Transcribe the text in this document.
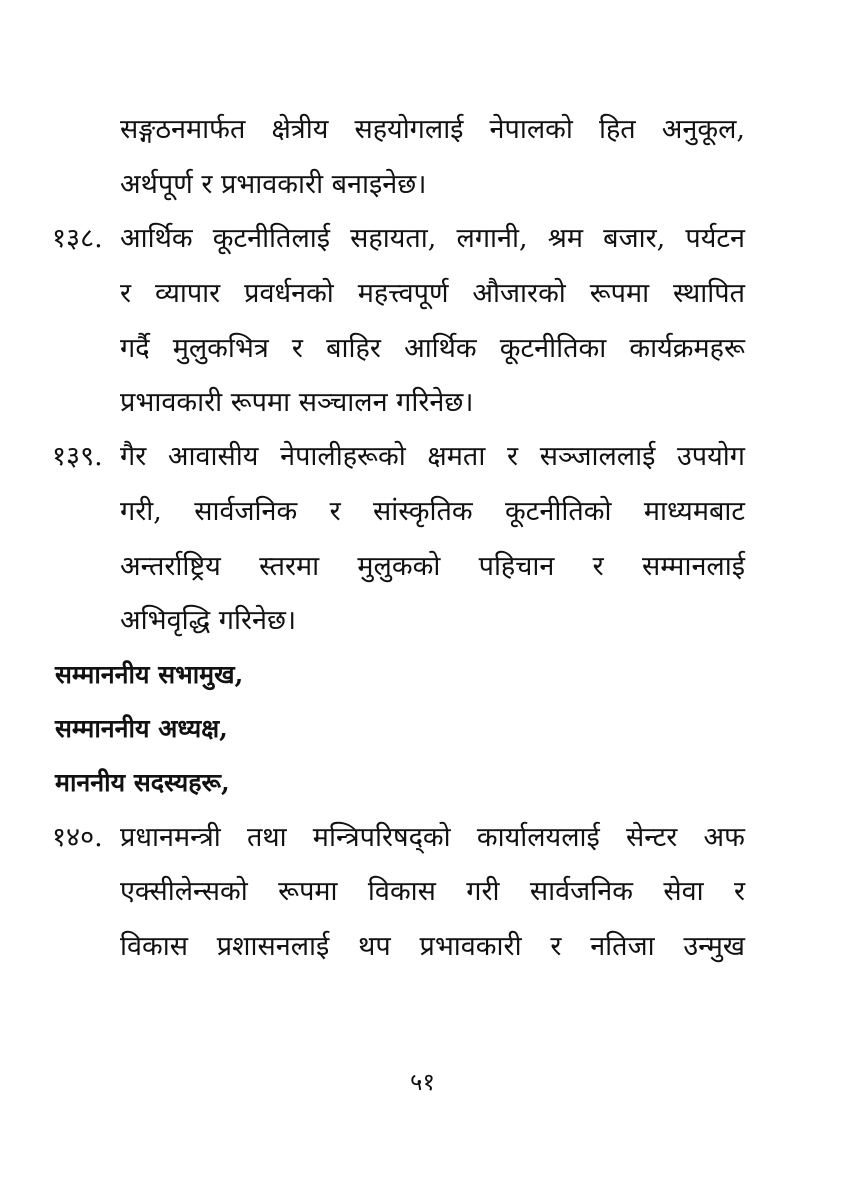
सङ्गठनमार्फत क्षेत्रीय सहयोगलाई नेपालको हित अनुकूल,
अर्थपूर्ण र प्रभावकारी बनाइनेछ।
१३८. आर्थिक कूटनीतिलाई सहायता, लगानी, श्रम बजार, पर्यटन
र व्यापार प्रवर्धनको महत्त्वपूर्ण औजारको रूपमा स्थापित
गर्दै मुलुकभित्र र बाहिर आर्थिक कूटनीतिका कार्यक्रमहरू
प्रभावकारी रूपमा सञ्चालन गरिनेछ।
१३९. गैर आवासीय नेपालीहरूको क्षमता र सञ्जाललाई उपयोग
गरी, सार्वजनिक र सांस्कृतिक कूटनीतिको माध्यमबाट
अन्तर्राष्ट्रिय स्तरमा मुलुकको पहिचान र सम्मानलाई
अभिवृद्धि गरिनेछ।
सम्माननीय सभामुख,
सम्माननीय अध्यक्ष,
माननीय सदस्यहरू,
१४०. प्रधानमन्त्री तथा मन्त्रिपरिषद्को कार्यालयलाई सेन्टर अफ
एक्सीलेन्सको रूपमा विकास गरी सार्वजनिक सेवा र
विकास प्रशासनलाई थप प्रभावकारी र नतिजा उन्मुख
५१
